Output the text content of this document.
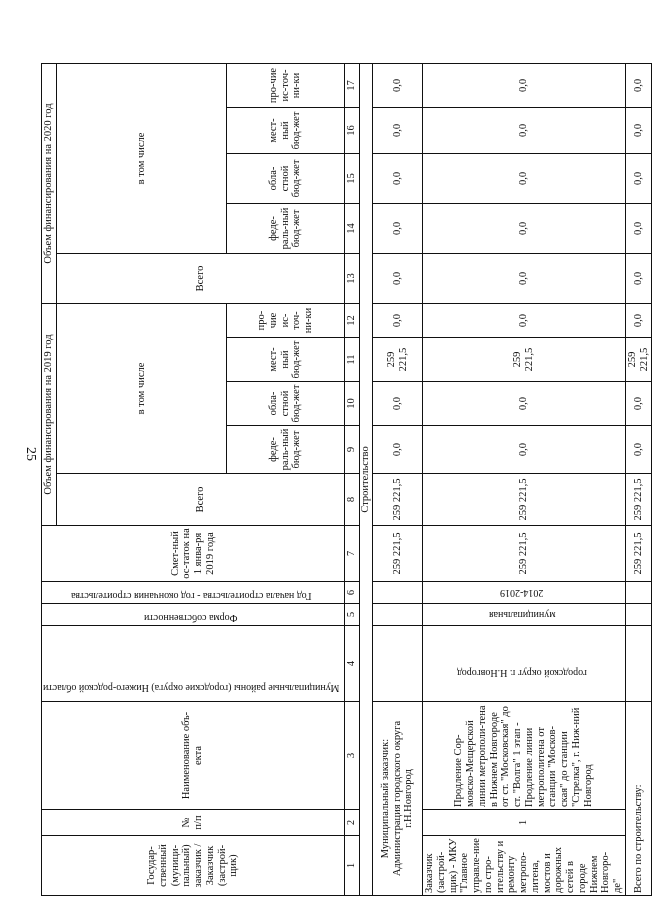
25
Государ-ственный (муници-пальный) заказчик / Заказчик (застрой-щик)	№ п/п	Наименование объ-екта	Муниципальные районы (городские округа) Нижего-родской области	Форма собственности	Год начала строительства - год окончания строительства	Смет-ный ос-таток на 1 янва-ря 2019 года	Объем финансирования на 2019 год					Объем финансирования на 2020 год				
							Всего	в том числе				Всего	в том числе			
								феде-раль-ный бюд-жет	обла-стной бюд-жет	мест-ный бюд-жет	про-чие ис-точ-ни-ки		феде-раль-ный бюд-жет	обла-стной бюд-жет	мест-ный бюд-жет	про-чие ис-точ-ни-ки
1	2	3	4	5	6	7	8	9	10	11	12	13	14	15	16	17
Строительство																
Муниципальный заказчик: Администрация городского округа г.Н.Новгород						259 221,5	259 221,5	0,0	0,0	259 221,5	0,0	0,0	0,0	0,0	0,0	0,0
Заказчик (застрой-щик) - МКУ "Главное управле-ние по стро-ительству и ремонту метропо-литена, мостов и дорожных сетей в городе Нижнем Новгоро-де"	1	Продление Сор-мовско-Мещерской линии метрополи-тена в Нижнем Новгороде от ст. "Московская" до ст. "Волга" 1 этап - Продление линии метрополитена от станции "Москов-ская" до станции "Стрелка", г. Ниж-ний Новгород	городской округ г. Н.Новгород	муниципальная	2014-2019	259 221,5	259 221,5	0,0	0,0	259 221,5	0,0	0,0	0,0	0,0	0,0	0,0
Всего по строительству:						259 221,5	259 221,5	0,0	0,0	259 221,5	0,0	0,0	0,0	0,0	0,0	0,0
